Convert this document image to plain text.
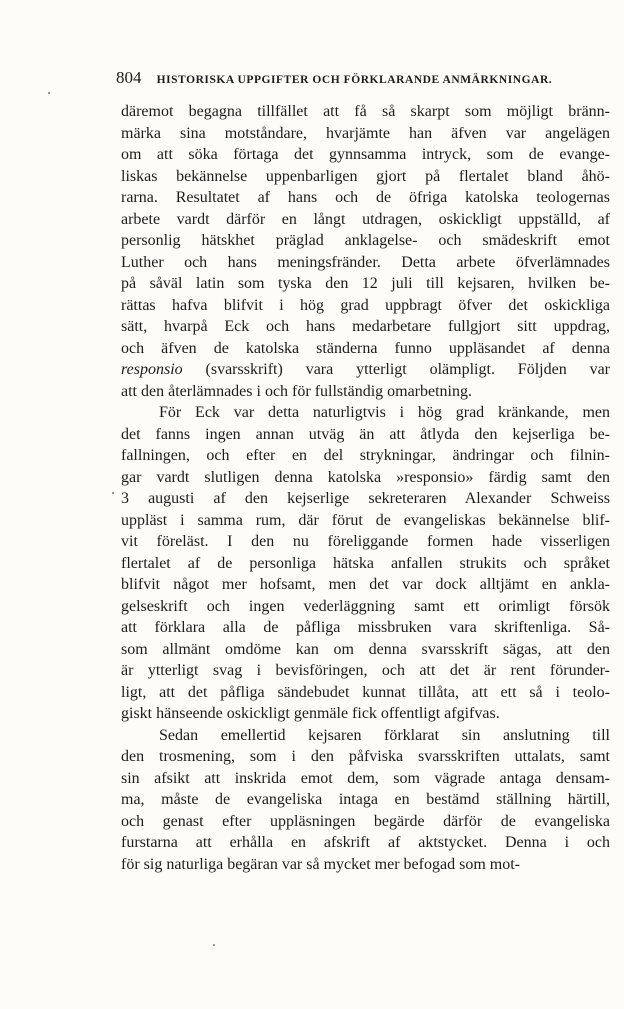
804 HISTORISKA UPPGIFTER OCH FÖRKLARANDE ANMÄRKNINGAR.
däremot begagna tillfället att få så skarpt som möjligt bränn-
märka sina motståndare, hvarjämte han äfven var angelägen
om att söka förtaga det gynnsamma intryck, som de evange-
liskas bekännelse uppenbarligen gjort på flertalet bland åhö-
rarna. Resultatet af hans och de öfriga katolska teologernas
arbete vardt därför en långt utdragen, oskickligt uppställd, af
personlig hätskhet präglad anklagelse- och smädeskrift emot
Luther och hans meningsfränder. Detta arbete öfverlämnades
på såväl latin som tyska den 12 juli till kejsaren, hvilken be-
rättas hafva blifvit i hög grad uppbragt öfver det oskickliga
sätt, hvarpå Eck och hans medarbetare fullgjort sitt uppdrag,
och äfven de katolska ständerna funno uppläsandet af denna
responsio (svarsskrift) vara ytterligt olämpligt. Följden var
att den återlämnades i och för fullständig omarbetning.
För Eck var detta naturligtvis i hög grad kränkande, men
det fanns ingen annan utväg än att åtlyda den kejserliga be-
fallningen, och efter en del strykningar, ändringar och filnin-
gar vardt slutligen denna katolska »responsio» färdig samt den
3 augusti af den kejserlige sekreteraren Alexander Schweiss
uppläst i samma rum, där förut de evangeliskas bekännelse blif-
vit föreläst. I den nu föreliggande formen hade visserligen
flertalet af de personliga hätska anfallen strukits och språket
blifvit något mer hofsamt, men det var dock alltjämt en ankla-
gelseskrift och ingen vederläggning samt ett orimligt försök
att förklara alla de påfliga missbruken vara skriftenliga. Så-
som allmänt omdöme kan om denna svarsskrift sägas, att den
är ytterligt svag i bevisföringen, och att det är rent förunder-
ligt, att det påfliga sändebudet kunnat tillåta, att ett så i teolo-
giskt hänseende oskickligt genmäle fick offentligt afgifvas.
Sedan emellertid kejsaren förklarat sin anslutning till
den trosmening, som i den påfviska svarsskriften uttalats, samt
sin afsikt att inskrida emot dem, som vägrade antaga densam-
ma, måste de evangeliska intaga en bestämd ställning härtill,
och genast efter uppläsningen begärde därför de evangeliska
furstarna att erhålla en afskrift af aktstycket. Denna i och
för sig naturliga begäran var så mycket mer befogad som mot-
